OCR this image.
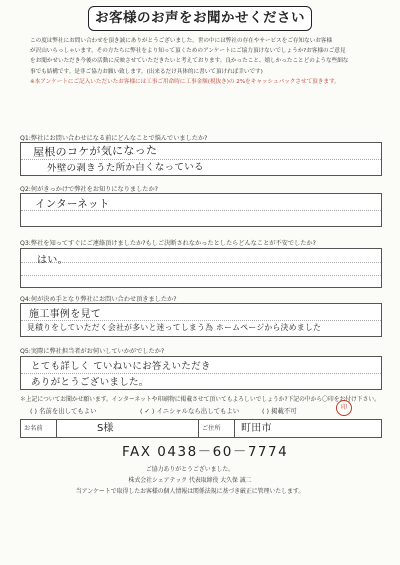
お客様のお声をお聞かせください
この度は弊社にお問い合わせを頂き誠にありがとうございました。世の中には弊社の存在やサービスをご存知ないお客様
が沢山いらっしゃいます。その方たちに弊社をより知って頂くためのアンケートにご協力頂けないでしょうか?お客様のご意見
をお聞かせいただき今後の活動に反映させていただきたいと考えております。良かったこと、嬉しかったことどのような些細な
事でも結構です。是非ご協力お願い致します。(出来るだけ具体的に書いて頂ければ幸いです)
※本アンケートにご記入いただいたお客様には工事ご用命時に工事金額(税抜き)の 2%をキャッシュバックさせて頂きます。
Q1:弊社にお問い合わせになる前にどんなことで悩んでいましたか?
屋根のコケが気になった
外壁の剥きうた所か白くなっている
Q2:何がきっかけで弊社をお知りになりましたか?
インターネット
Q3:弊社を知ってすぐにご連絡頂けましたか?もしご決断されなかったとしたらどんなことが不安でしたか?
はい。
Q4:何が決め手となり弊社にお問い合わせ頂きましたか?
施工事例を見て
見積りをしていただく会社が多いと迷ってしまう為 ホームページから決めました
Q5:実際に弊社担当者がお伺いしていかがでしたか?
とても詳しく ていねいにお答えいただき
ありがとうございました。
＊上記についてお聞かせ願います。インターネットや印刷物に掲載させて頂いてもよろしいでしょうか?下記の中から〇印をお付け下さい。
( ) 名前を出してもよい	( ✓ ) イニシャルなら出してもよい	( ) 掲載不可	印
お名前	S様	ご住所	町田市
FAX 0438－60－7774
ご協力ありがとうございました。
株式会社シェアテック 代表取締役 大久保 誠二
当アンケートで取得したお客様の個人情報は関係法規に基づき厳正に管理いたします。
